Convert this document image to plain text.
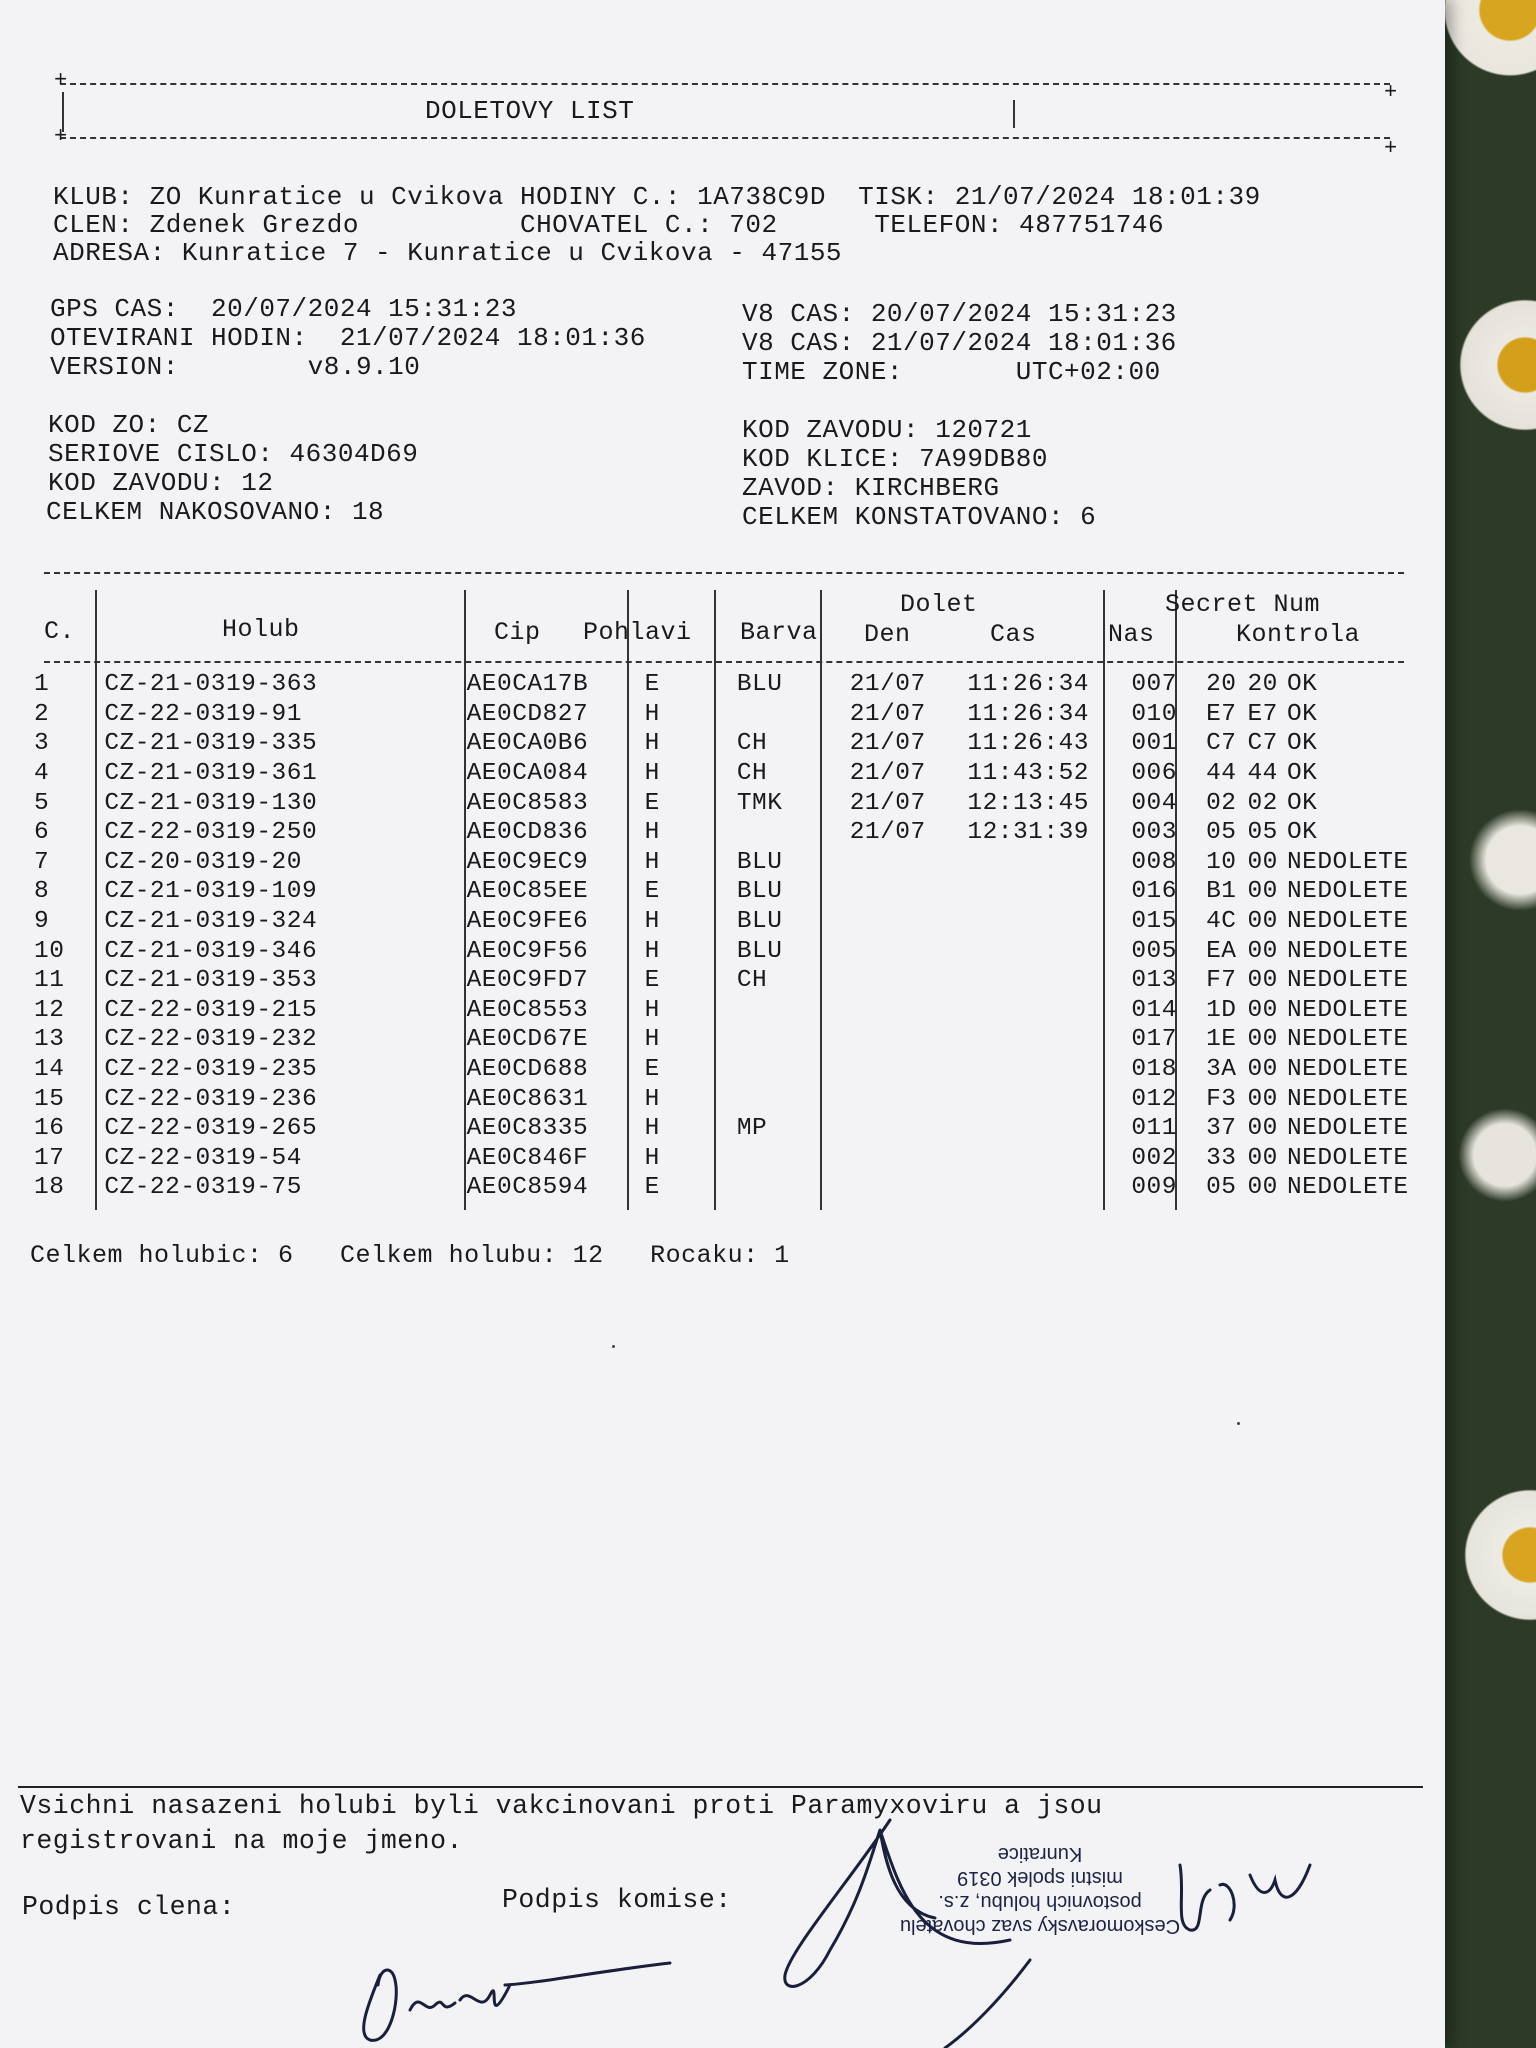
+	+
DOLETOVY LIST
+	+
KLUB: ZO Kunratice u Cvikova HODINY C.: 1A738C9D  TISK: 21/07/2024 18:01:39
CLEN: Zdenek Grezdo          CHOVATEL C.: 702      TELEFON: 487751746
ADRESA: Kunratice 7 - Kunratice u Cvikova - 47155
GPS CAS:  20/07/2024 15:31:23
OTEVIRANI HODIN:  21/07/2024 18:01:36
VERSION:        v8.9.10
V8 CAS: 20/07/2024 15:31:23
V8 CAS: 21/07/2024 18:01:36
TIME ZONE:       UTC+02:00
KOD ZO: CZ
SERIOVE CISLO: 46304D69
KOD ZAVODU: 12
CELKEM NAKOSOVANO: 18
KOD ZAVODU: 120721
KOD KLICE: 7A99DB80
ZAVOD: KIRCHBERG
CELKEM KONSTATOVANO: 6
C.	Holub	Cip Pohlavi Barva
Dolet
Den	Cas	Nas
Secret Num
Kontrola
1	CZ-21-0319-363	AE0CA17B	E	BLU	21/07	11:26:34	007	20	20	OK
2	CZ-22-0319-91	AE0CD827	H		21/07	11:26:34	010	E7	E7	OK
3	CZ-21-0319-335	AE0CA0B6	H	CH	21/07	11:26:43	001	C7	C7	OK
4	CZ-21-0319-361	AE0CA084	H	CH	21/07	11:43:52	006	44	44	OK
5	CZ-21-0319-130	AE0C8583	E	TMK	21/07	12:13:45	004	02	02	OK
6	CZ-22-0319-250	AE0CD836	H		21/07	12:31:39	003	05	05	OK
7	CZ-20-0319-20	AE0C9EC9	H	BLU			008	10	00	NEDOLETE
8	CZ-21-0319-109	AE0C85EE	E	BLU			016	B1	00	NEDOLETE
9	CZ-21-0319-324	AE0C9FE6	H	BLU			015	4C	00	NEDOLETE
10	CZ-21-0319-346	AE0C9F56	H	BLU			005	EA	00	NEDOLETE
11	CZ-21-0319-353	AE0C9FD7	E	CH			013	F7	00	NEDOLETE
12	CZ-22-0319-215	AE0C8553	H				014	1D	00	NEDOLETE
13	CZ-22-0319-232	AE0CD67E	H				017	1E	00	NEDOLETE
14	CZ-22-0319-235	AE0CD688	E				018	3A	00	NEDOLETE
15	CZ-22-0319-236	AE0C8631	H				012	F3	00	NEDOLETE
16	CZ-22-0319-265	AE0C8335	H	MP			011	37	00	NEDOLETE
17	CZ-22-0319-54	AE0C846F	H				002	33	00	NEDOLETE
18	CZ-22-0319-75	AE0C8594	E				009	05	00	NEDOLETE
Celkem holubic: 6   Celkem holubu: 12   Rocaku: 1
Vsichni nasazeni holubi byli vakcinovani proti Paramyxoviru a jsou
registrovani na moje jmeno.
Podpis clena:	Podpis komise:
Ceskomoravsky svaz chovatelu
postovnich holubu, z.s.
mistni spolek 0319
Kunratice
